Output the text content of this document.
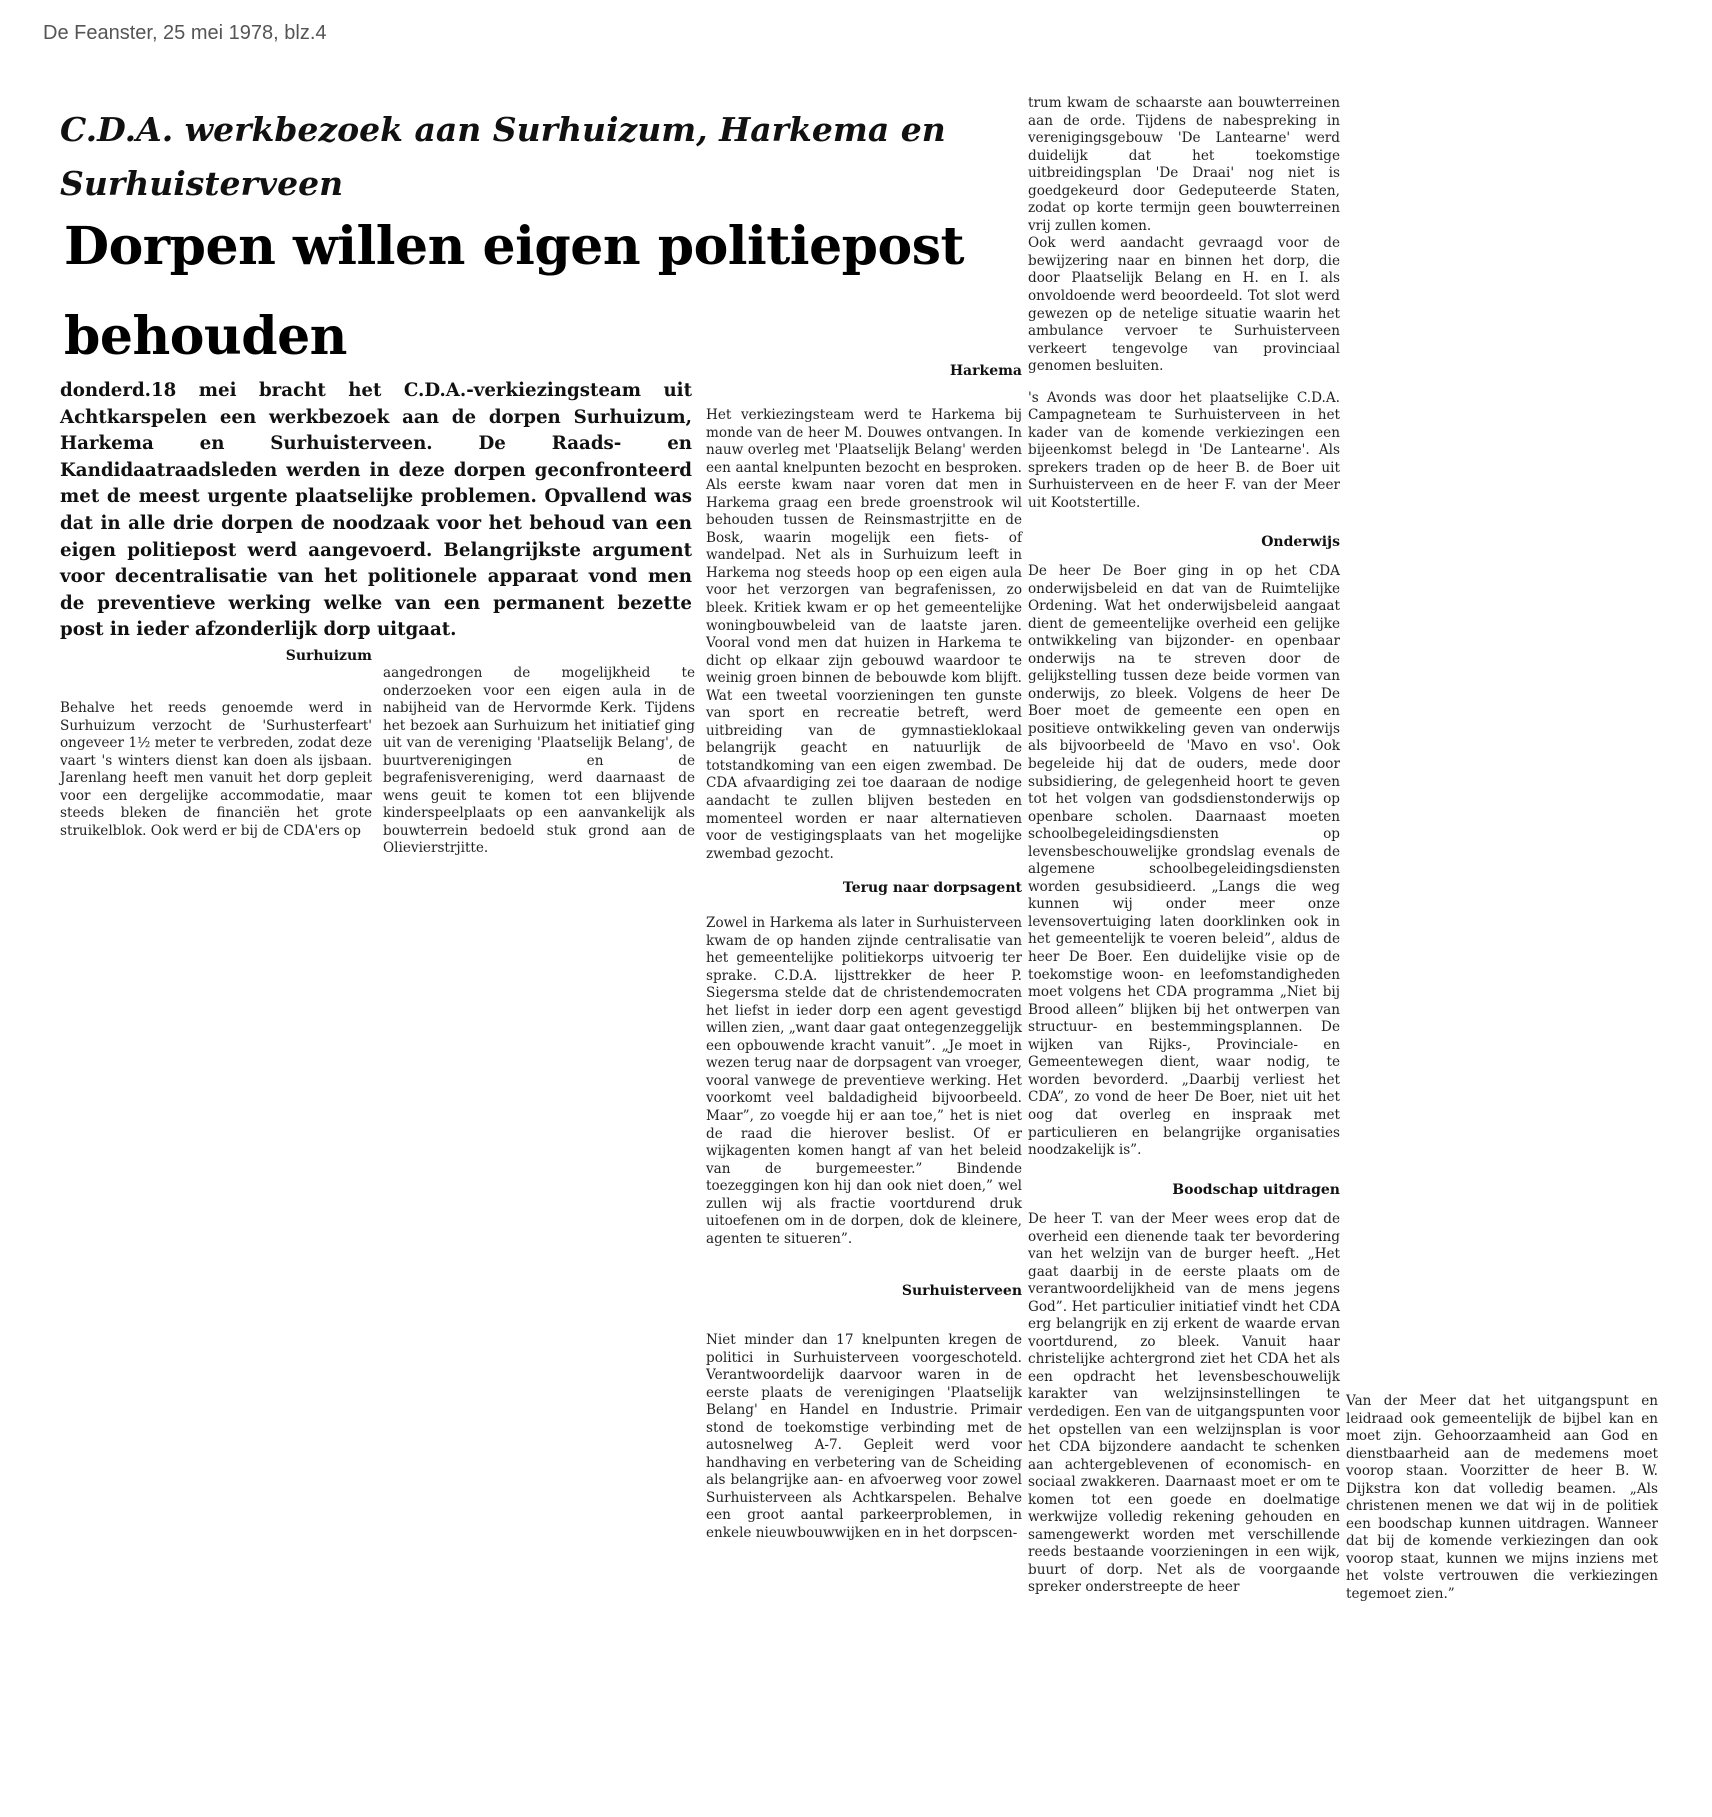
De Feanster, 25 mei 1978, blz.4
C.D.A. werkbezoek aan Surhuizum, Harkema en Surhuisterveen
Dorpen willen eigen politiepost behouden

donderd.18 mei bracht het C.D.A.-verkiezingsteam uit Achtkarspelen een werkbezoek aan de dorpen Surhuizum, Harkema en Surhuisterveen. De Raads- en Kandidaatraadsleden werden in deze dorpen geconfronteerd met de meest urgente plaatselijke problemen. Opvallend was dat in alle drie dorpen de noodzaak voor het behoud van een eigen politiepost werd aangevoerd. Belangrijkste argument voor decentralisatie van het politionele apparaat vond men de preventieve werking welke van een permanent bezette post in ieder afzonderlijk dorp uitgaat.

Surhuizum

Behalve het reeds genoemde werd in Surhuizum verzocht de 'Surhusterfeart' ongeveer 1½ meter te verbreden, zodat deze vaart 's winters dienst kan doen als ijsbaan. Jarenlang heeft men vanuit het dorp gepleit voor een dergelijke accommodatie, maar steeds bleken de financiën het grote struikelblok. Ook werd er bij de CDA'ers op

aangedrongen de mogelijkheid te onderzoeken voor een eigen aula in de nabijheid van de Hervormde Kerk. Tijdens het bezoek aan Surhuizum het initiatief ging uit van de vereniging 'Plaatselijk Belang', de buurtverenigingen en de begrafenisvereniging, werd daarnaast de wens geuit te komen tot een blijvende kinderspeelplaats op een aanvankelijk als bouwterrein bedoeld stuk grond aan de Olievierstrjitte.

Harkema

Het verkiezingsteam werd te Harkema bij monde van de heer M. Douwes ontvangen. In nauw overleg met 'Plaatselijk Belang' werden een aantal knelpunten bezocht en besproken. Als eerste kwam naar voren dat men in Harkema graag een brede groenstrook wil behouden tussen de Reinsmastrjitte en de Bosk, waarin mogelijk een fiets- of wandelpad. Net als in Surhuizum leeft in Harkema nog steeds hoop op een eigen aula voor het verzorgen van begrafenissen, zo bleek. Kritiek kwam er op het gemeentelijke woningbouwbeleid van de laatste jaren. Vooral vond men dat huizen in Harkema te dicht op elkaar zijn gebouwd waardoor te weinig groen binnen de bebouwde kom blijft. Wat een tweetal voorzieningen ten gunste van sport en recreatie betreft, werd uitbreiding van de gymnastieklokaal belangrijk geacht en natuurlijk de totstandkoming van een eigen zwembad. De CDA afvaardiging zei toe daaraan de nodige aandacht te zullen blijven besteden en momenteel worden er naar alternatieven voor de vestigingsplaats van het mogelijke zwembad gezocht.

Terug naar dorpsagent

Zowel in Harkema als later in Surhuisterveen kwam de op handen zijnde centralisatie van het gemeentelijke politiekorps uitvoerig ter sprake. C.D.A. lijsttrekker de heer P. Siegersma stelde dat de christendemocraten het liefst in ieder dorp een agent gevestigd willen zien, „want daar gaat ontegenzeggelijk een opbouwende kracht vanuit”. „Je moet in wezen terug naar de dorpsagent van vroeger, vooral vanwege de preventieve werking. Het voorkomt veel baldadigheid bijvoorbeeld. Maar”, zo voegde hij er aan toe,” het is niet de raad die hierover beslist. Of er wijkagenten komen hangt af van het beleid van de burgemeester.” Bindende toezeggingen kon hij dan ook niet doen,” wel zullen wij als fractie voortdurend druk uitoefenen om in de dorpen, dok de kleinere, agenten te situeren”.

Surhuisterveen

Niet minder dan 17 knelpunten kregen de politici in Surhuisterveen voorgeschoteld. Verantwoordelijk daarvoor waren in de eerste plaats de verenigingen 'Plaatselijk Belang' en Handel en Industrie. Primair stond de toekomstige verbinding met de autosnelweg A-7. Gepleit werd voor handhaving en verbetering van de Scheiding als belangrijke aan- en afvoerweg voor zowel Surhuisterveen als Achtkarspelen. Behalve een groot aantal parkeerproblemen, in enkele nieuwbouwwijken en in het dorpscen-

trum kwam de schaarste aan bouwterreinen aan de orde. Tijdens de nabespreking in verenigingsgebouw 'De Lantearne' werd duidelijk dat het toekomstige uitbreidingsplan 'De Draai' nog niet is goedgekeurd door Gedeputeerde Staten, zodat op korte termijn geen bouwterreinen vrij zullen komen.

Ook werd aandacht gevraagd voor de bewijzering naar en binnen het dorp, die door Plaatselijk Belang en H. en I. als onvoldoende werd beoordeeld. Tot slot werd gewezen op de netelige situatie waarin het ambulance vervoer te Surhuisterveen verkeert tengevolge van provinciaal genomen besluiten.

's Avonds was door het plaatselijke C.D.A. Campagneteam te Surhuisterveen in het kader van de komende verkiezingen een bijeenkomst belegd in 'De Lantearne'. Als sprekers traden op de heer B. de Boer uit Surhuisterveen en de heer F. van der Meer uit Kootstertille.

Onderwijs

De heer De Boer ging in op het CDA onderwijsbeleid en dat van de Ruimtelijke Ordening. Wat het onderwijsbeleid aangaat dient de gemeentelijke overheid een gelijke ontwikkeling van bijzonder- en openbaar onderwijs na te streven door de gelijkstelling tussen deze beide vormen van onderwijs, zo bleek. Volgens de heer De Boer moet de gemeente een open en positieve ontwikkeling geven van onderwijs als bijvoorbeeld de 'Mavo en vso'. Ook begeleide hij dat de ouders, mede door subsidiering, de gelegenheid hoort te geven tot het volgen van godsdienstonderwijs op openbare scholen. Daarnaast moeten schoolbegeleidingsdiensten op levensbeschouwelijke grondslag evenals de algemene schoolbegeleidingsdiensten worden gesubsidieerd. „Langs die weg kunnen wij onder meer onze levensovertuiging laten doorklinken ook in het gemeentelijk te voeren beleid”, aldus de heer De Boer. Een duidelijke visie op de toekomstige woon- en leefomstandigheden moet volgens het CDA programma „Niet bij Brood alleen” blijken bij het ontwerpen van structuur- en bestemmingsplannen. De wijken van Rijks-, Provinciale- en Gemeentewegen dient, waar nodig, te worden bevorderd. „Daarbij verliest het CDA”, zo vond de heer De Boer, niet uit het oog dat overleg en inspraak met particulieren en belangrijke organisaties noodzakelijk is”.

Boodschap uitdragen

De heer T. van der Meer wees erop dat de overheid een dienende taak ter bevordering van het welzijn van de burger heeft. „Het gaat daarbij in de eerste plaats om de verantwoordelijkheid van de mens jegens God”. Het particulier initiatief vindt het CDA erg belangrijk en zij erkent de waarde ervan voortdurend, zo bleek. Vanuit haar christelijke achtergrond ziet het CDA het als een opdracht het levensbeschouwelijk karakter van welzijnsinstellingen te verdedigen. Een van de uitgangspunten voor het opstellen van een welzijnsplan is voor het CDA bijzondere aandacht te schenken aan achtergeblevenen of economisch- en sociaal zwakkeren. Daarnaast moet er om te komen tot een goede en doelmatige werkwijze volledig rekening gehouden en samengewerkt worden met verschillende reeds bestaande voorzieningen in een wijk, buurt of dorp. Net als de voorgaande spreker onderstreepte de heer

Van der Meer dat het uitgangspunt en leidraad ook gemeentelijk de bijbel kan en moet zijn. Gehoorzaamheid aan God en dienstbaarheid aan de medemens moet voorop staan. Voorzitter de heer B. W. Dijkstra kon dat volledig beamen. „Als christenen menen we dat wij in de politiek een boodschap kunnen uitdragen. Wanneer dat bij de komende verkiezingen dan ook voorop staat, kunnen we mijns inziens met het volste vertrouwen die verkiezingen tegemoet zien.”
